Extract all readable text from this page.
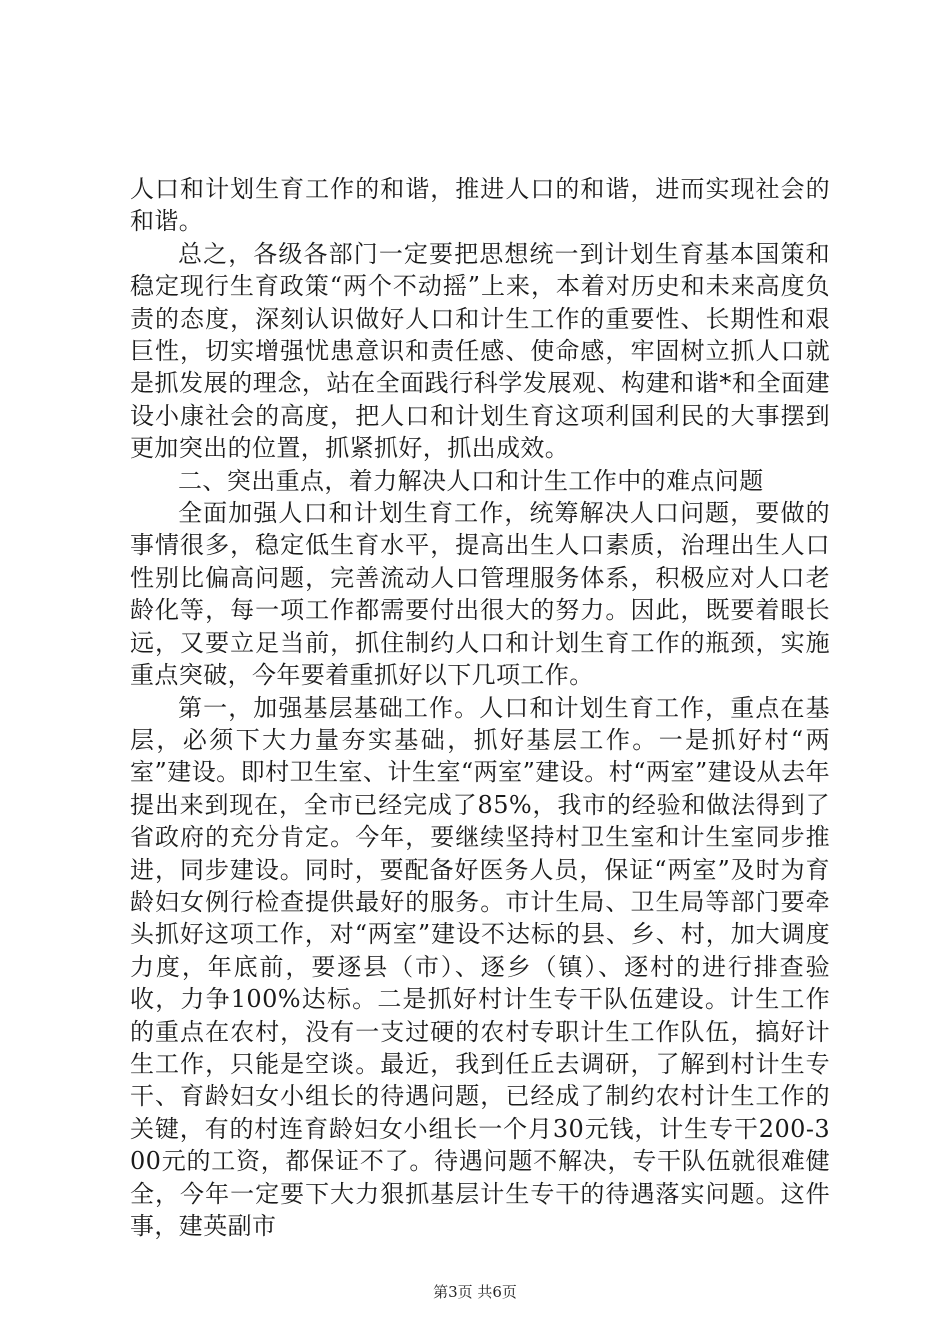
人口和计划生育工作的和谐，推进人口的和谐，进而实现社会的和谐。

总之，各级各部门一定要把思想统一到计划生育基本国策和稳定现行生育政策“两个不动摇”上来，本着对历史和未来高度负责的态度，深刻认识做好人口和计生工作的重要性、长期性和艰巨性，切实增强忧患意识和责任感、使命感，牢固树立抓人口就是抓发展的理念，站在全面践行科学发展观、构建和谐*和全面建设小康社会的高度，把人口和计划生育这项利国利民的大事摆到更加突出的位置，抓紧抓好，抓出成效。

二、突出重点，着力解决人口和计生工作中的难点问题

全面加强人口和计划生育工作，统筹解决人口问题，要做的事情很多，稳定低生育水平，提高出生人口素质，治理出生人口性别比偏高问题，完善流动人口管理服务体系，积极应对人口老龄化等，每一项工作都需要付出很大的努力。因此，既要着眼长远，又要立足当前，抓住制约人口和计划生育工作的瓶颈，实施重点突破，今年要着重抓好以下几项工作。

第一，加强基层基础工作。人口和计划生育工作，重点在基层，必须下大力量夯实基础，抓好基层工作。一是抓好村“两室”建设。即村卫生室、计生室“两室”建设。村“两室”建设从去年提出来到现在，全市已经完成了85%，我市的经验和做法得到了省政府的充分肯定。今年，要继续坚持村卫生室和计生室同步推进，同步建设。同时，要配备好医务人员，保证“两室”及时为育龄妇女例行检查提供最好的服务。市计生局、卫生局等部门要牵头抓好这项工作，对“两室”建设不达标的县、乡、村，加大调度力度，年底前，要逐县（市）、逐乡（镇）、逐村的进行排查验收，力争100%达标。二是抓好村计生专干队伍建设。计生工作的重点在农村，没有一支过硬的农村专职计生工作队伍，搞好计生工作，只能是空谈。最近，我到任丘去调研，了解到村计生专干、育龄妇女小组长的待遇问题，已经成了制约农村计生工作的关键，有的村连育龄妇女小组长一个月30元钱，计生专干200-300元的工资，都保证不了。待遇问题不解决，专干队伍就很难健全，今年一定要下大力狠抓基层计生专干的待遇落实问题。这件事，建英副市

第3页 共6页
